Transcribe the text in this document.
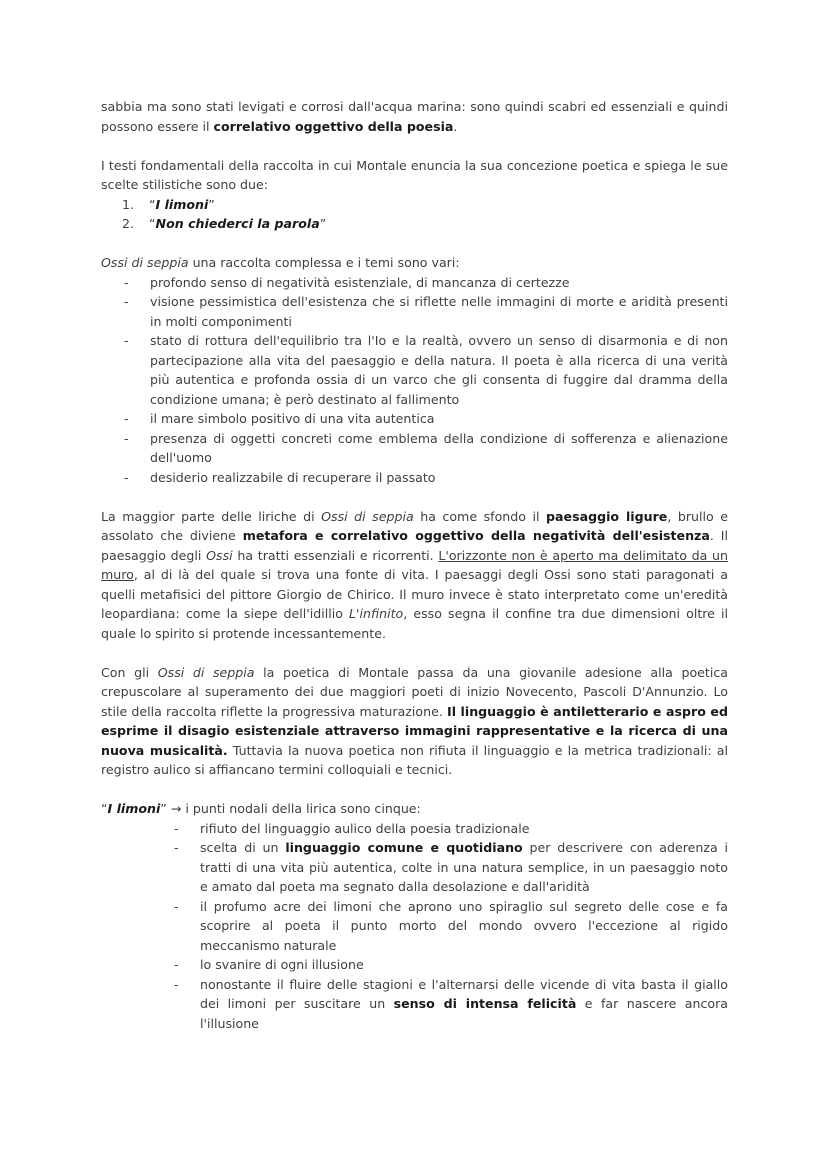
sabbia ma sono stati levigati e corrosi dall'acqua marina: sono quindi scabri ed essenziali e quindi possono essere il correlativo oggettivo della poesia.

I testi fondamentali della raccolta in cui Montale enuncia la sua concezione poetica e spiega le sue scelte stilistiche sono due:

1.	“I limoni”
2.	“Non chiederci la parola”

Ossi di seppia una raccolta complessa e i temi sono vari:

-	profondo senso di negatività esistenziale, di mancanza di certezze
-	visione pessimistica dell'esistenza che si riflette nelle immagini di morte e aridità presenti in molti componimenti
-	stato di rottura dell'equilibrio tra l'Io e la realtà, ovvero un senso di disarmonia e di non partecipazione alla vita del paesaggio e della natura. Il poeta è alla ricerca di una verità più autentica e profonda ossia di un varco che gli consenta di fuggire dal dramma della condizione umana; è però destinato al fallimento
-	il mare simbolo positivo di una vita autentica
-	presenza di oggetti concreti come emblema della condizione di sofferenza e alienazione dell'uomo
-	desiderio realizzabile di recuperare il passato

La maggior parte delle liriche di Ossi di seppia ha come sfondo il paesaggio ligure, brullo e assolato che diviene metafora e correlativo oggettivo della negatività dell'esistenza. Il paesaggio degli Ossi ha tratti essenziali e ricorrenti. L'orizzonte non è aperto ma delimitato da un muro, al di là del quale si trova una fonte di vita. I paesaggi degli Ossi sono stati paragonati a quelli metafisici del pittore Giorgio de Chirico. Il muro invece è stato interpretato come un'eredità leopardiana: come la siepe dell'idillio L'infinito, esso segna il confine tra due dimensioni oltre il quale lo spirito si protende incessantemente.

Con gli Ossi di seppia la poetica di Montale passa da una giovanile adesione alla poetica crepuscolare al superamento dei due maggiori poeti di inizio Novecento, Pascoli D'Annunzio. Lo stile della raccolta riflette la progressiva maturazione. Il linguaggio è antiletterario e aspro ed esprime il disagio esistenziale attraverso immagini rappresentative e la ricerca di una nuova musicalità. Tuttavia la nuova poetica non rifiuta il linguaggio e la metrica tradizionali: al registro aulico si affiancano termini colloquiali e tecnici.

“I limoni” → i punti nodali della lirica sono cinque:

-	rifiuto del linguaggio aulico della poesia tradizionale
-	scelta di un linguaggio comune e quotidiano per descrivere con aderenza i tratti di una vita più autentica, colte in una natura semplice, in un paesaggio noto e amato dal poeta ma segnato dalla desolazione e dall'aridità
-	il profumo acre dei limoni che aprono uno spiraglio sul segreto delle cose e fa scoprire al poeta il punto morto del mondo ovvero l'eccezione al rigido meccanismo naturale
-	lo svanire di ogni illusione
-	nonostante il fluire delle stagioni e l'alternarsi delle vicende di vita basta il giallo dei limoni per suscitare un senso di intensa felicità e far nascere ancora l'illusione
